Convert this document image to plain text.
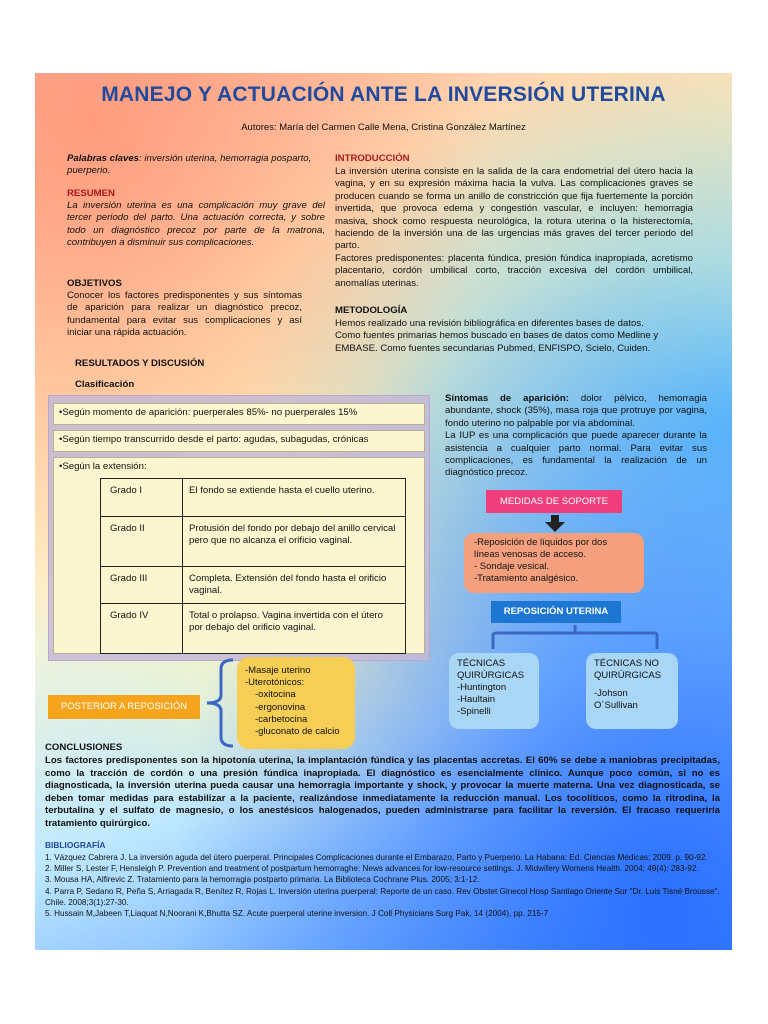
MANEJO Y ACTUACIÓN ANTE LA INVERSIÓN UTERINA
Autores: María del Carmen Calle Mena, Cristina González Martínez
Palabras claves: inversión uterina, hemorragia posparto, puerperio.
RESUMEN
La inversión uterina es una complicación muy grave del tercer periodo del parto. Una actuación correcta, y sobre todo un diagnóstico precoz por parte de la matrona, contribuyen a disminuir sus complicaciones.
OBJETIVOS
Conocer los factores predisponentes y sus síntomas de aparición para realizar un diagnóstico precoz, fundamental para evitar sus complicaciones y así iniciar una rápida actuación.
INTRODUCCIÓN
La inversión uterina consiste en la salida de la cara endometrial del útero hacia la vagina, y en su expresión máxima hacia la vulva. Las complicaciones graves se producen cuando se forma un anillo de constricción que fija fuertemente la porción invertida, que provoca edema y congestión vascular, e incluyen: hemorragia masiva, shock como respuesta neurológica, la rotura uterina o la histerectomía, haciendo de la inversión una de las urgencias más graves del tercer periodo del parto.
Factores predisponentes: placenta fúndica, presión fúndica inapropiada, acretismo placentario, cordón umbilical corto, tracción excesiva del cordón umbilical, anomalías uterinas.
METODOLOGÍA
Hemos realizado una revisión bibliográfica en diferentes bases de datos.
Como fuentes primarias hemos buscado en bases de datos como Medline y EMBASE. Como fuentes secundarias Pubmed, ENFISPO, Scielo, Cuiden.
RESULTADOS Y DISCUSIÓN
Clasificación
•Según momento de aparición: puerperales 85%- no puerperales 15%
•Según tiempo transcurrido desde el parto: agudas, subagudas, crónicas
•Según la extensión:
Grado I	El fondo se extiende hasta el cuello uterino.
Grado II	Protusión del fondo por debajo del anillo cervical pero que no alcanza el orificio vaginal.
Grado III	Completa. Extensión del fondo hasta el orificio vaginal.
Grado IV	Total o prolapso. Vagina invertida con el útero por debajo del orificio vaginal.
Síntomas de aparición: dolor pélvico, hemorragia abundante, shock (35%), masa roja que protruye por vagina, fondo uterino no palpable por vía abdominal.
La IUP es una complicación que puede aparecer durante la asistencia a cualquier parto normal. Para evitar sus complicaciones, es fundamental la realización de un diagnóstico precoz.
MEDIDAS DE SOPORTE
-Reposición de líquidos por dos líneas venosas de acceso.
- Sondaje vesical.
-Tratamiento analgésico.
REPOSICIÓN UTERINA
TÉCNICAS QUIRÚRGICAS
-Huntington
-Haultain
-Spinelli
TÉCNICAS NO QUIRÚRGICAS
-Johson
O´Sullivan
POSTERIOR A REPOSICIÓN
-Masaje uterino
-Uterotónicos:
-oxitocina
-ergonovina
-carbetocina
-gluconato de calcio
CONCLUSIONES
Los factores predisponentes son la hipotonía uterina, la implantación fúndica y las placentas accretas. El 60% se debe a maniobras precipitadas, como la tracción de cordón o una presión fúndica inapropiada. El diagnóstico es esencialmente clínico. Aunque poco común, si no es diagnosticada, la inversión uterina pueda causar una hemorragia importante y shock, y provocar la muerte materna. Una vez diagnosticada, se deben tomar medidas para estabilizar a la paciente, realizándose inmediatamente la reducción manual. Los tocolíticos, como la ritrodina, la terbutalina y el sulfato de magnesio, o los anestésicos halogenados, pueden administrarse para facilitar la reversión. El fracaso requeriría tratamiento quirúrgico.
BIBLIOGRAFÍA
1. Vázquez Cabrera J. La inversión aguda del útero puerperal. Principales Complicaciones durante el Embarazo, Parto y Puerperio. La Habana: Ed. Ciencias Médicas; 2009. p. 90-92.
2. Miller S, Lester F, Hensleigh P. Prevention and treatment of postpartum hemorraghe: News advances for low-resource settings. J. Midwifery Womens Health. 2004; 49(4): 283-92.
3. Mousa HA, Alfirevic Z. Tratamiento para la hemorragia postparto primaria. La Biblioteca Cochrane Plus. 2005; 3:1-12.
4. Parra P, Sedano R, Peña S, Arriagada R, Benítez R, Rojas L. Inversión uterina puerperal: Reporte de un caso. Rev Obstet Ginecol Hosp Santiago Oriente Sur "Dr. Luis Tisné Brousse". Chile. 2008;3(1):27-30.
5. Hussain M,Jabeen T,Liaquat N,Noorani K,Bhutta SZ. Acute puerperal uterine inversion. J Coll Physicians Surg Pak, 14 (2004), pp. 215-7
